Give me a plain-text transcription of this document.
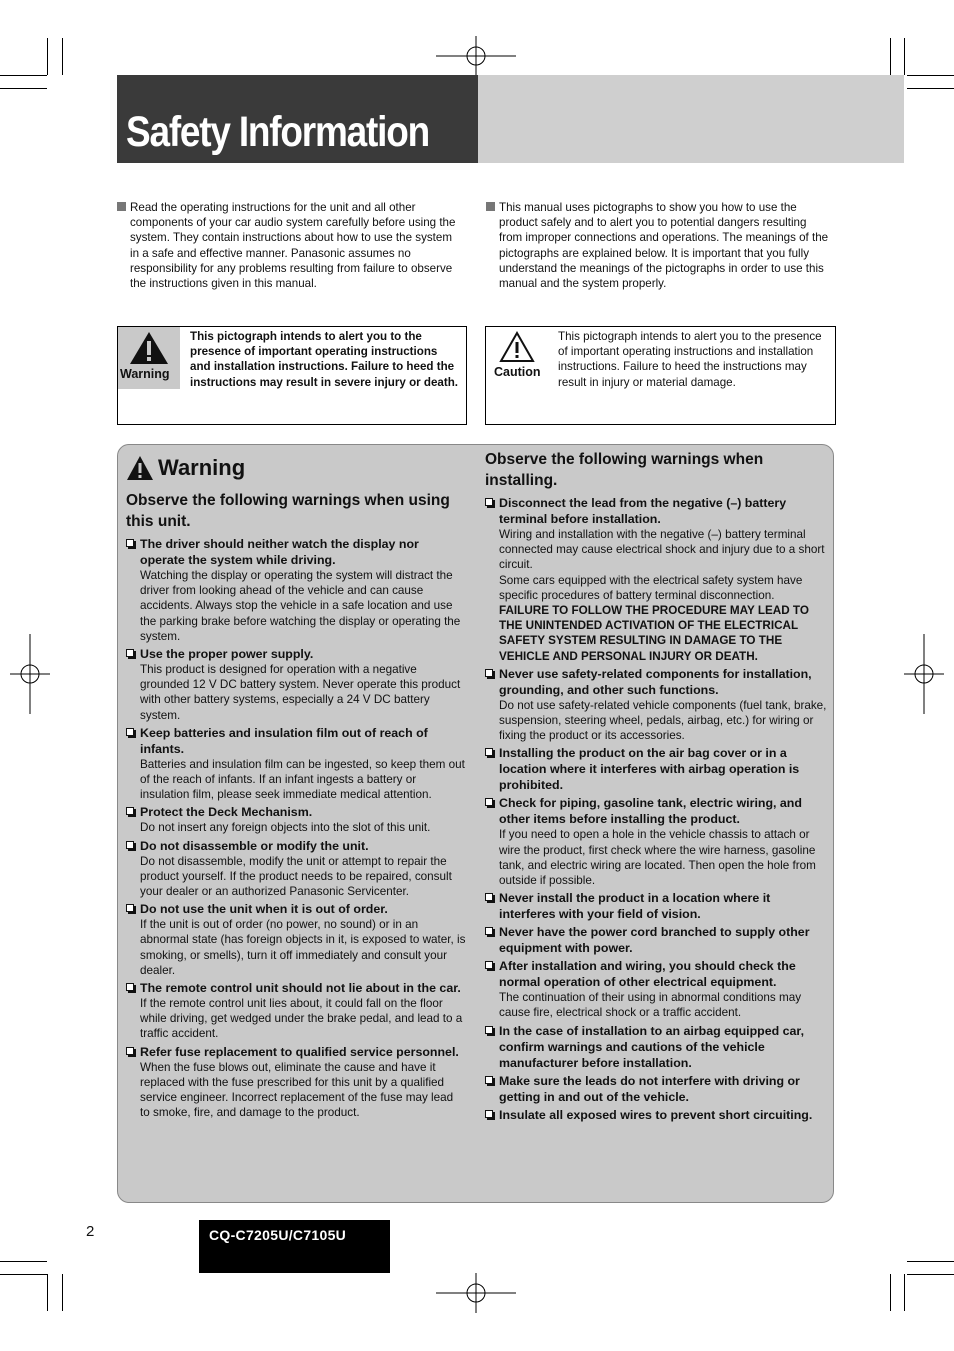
Safety Information
Read the operating instructions for the unit and all other components of your car audio system carefully before using the system. They contain instructions about how to use the system in a safe and effective manner. Panasonic assumes no responsibility for any problems resulting from failure to observe the instructions given in this manual.
This manual uses pictographs to show you how to use the product safely and to alert you to potential dangers resulting from improper connections and operations. The meanings of the pictographs are explained below. It is important that you fully understand the meanings of the pictographs in order to use this manual and the system properly.
Warning
This pictograph intends to alert you to the presence of important operating instructions and installation instructions. Failure to heed the instructions may result in severe injury or death.
Caution
This pictograph intends to alert you to the presence of important operating instructions and installation instructions. Failure to heed the instructions may result in injury or material damage.
Warning
Observe the following warnings when using this unit.
The driver should neither watch the display nor operate the system while driving.
Watching the display or operating the system will distract the driver from looking ahead of the vehicle and can cause accidents. Always stop the vehicle in a safe location and use the parking brake before watching the display or operating the system.
Use the proper power supply.
This product is designed for operation with a negative grounded 12 V DC battery system. Never operate this product with other battery systems, especially a 24 V DC battery system.
Keep batteries and insulation film out of reach of infants.
Batteries and insulation film can be ingested, so keep them out of the reach of infants. If an infant ingests a battery or insulation film, please seek immediate medical attention.
Protect the Deck Mechanism.
Do not insert any foreign objects into the slot of this unit.
Do not disassemble or modify the unit.
Do not disassemble, modify the unit or attempt to repair the product yourself. If the product needs to be repaired, consult your dealer or an authorized Panasonic Servicenter.
Do not use the unit when it is out of order.
If the unit is out of order (no power, no sound) or in an abnormal state (has foreign objects in it, is exposed to water, is smoking, or smells), turn it off immediately and consult your dealer.
The remote control unit should not lie about in the car.
If the remote control unit lies about, it could fall on the floor while driving, get wedged under the brake pedal, and lead to a traffic accident.
Refer fuse replacement to qualified service personnel.
When the fuse blows out, eliminate the cause and have it replaced with the fuse prescribed for this unit by a qualified service engineer. Incorrect replacement of the fuse may lead to smoke, fire, and damage to the product.
Observe the following warnings when installing.
Disconnect the lead from the negative (–) battery terminal before installation.
Wiring and installation with the negative (–) battery terminal connected may cause electrical shock and injury due to a short circuit.
Some cars equipped with the electrical safety system have specific procedures of battery terminal disconnection.
FAILURE TO FOLLOW THE PROCEDURE MAY LEAD TO THE UNINTENDED ACTIVATION OF THE ELECTRICAL SAFETY SYSTEM RESULTING IN DAMAGE TO THE VEHICLE AND PERSONAL INJURY OR DEATH.
Never use safety-related components for installation, grounding, and other such functions.
Do not use safety-related vehicle components (fuel tank, brake, suspension, steering wheel, pedals, airbag, etc.) for wiring or fixing the product or its accessories.
Installing the product on the air bag cover or in a location where it interferes with airbag operation is prohibited.
Check for piping, gasoline tank, electric wiring, and other items before installing the product.
If you need to open a hole in the vehicle chassis to attach or wire the product, first check where the wire harness, gasoline tank, and electric wiring are located. Then open the hole from outside if possible.
Never install the product in a location where it interferes with your field of vision.
Never have the power cord branched to supply other equipment with power.
After installation and wiring, you should check the normal operation of other electrical equipment.
The continuation of their using in abnormal conditions may cause fire, electrical shock or a traffic accident.
In the case of installation to an airbag equipped car, confirm warnings and cautions of the vehicle manufacturer before installation.
Make sure the leads do not interfere with driving or getting in and out of the vehicle.
Insulate all exposed wires to prevent short circuiting.
2	CQ-C7205U/C7105U
